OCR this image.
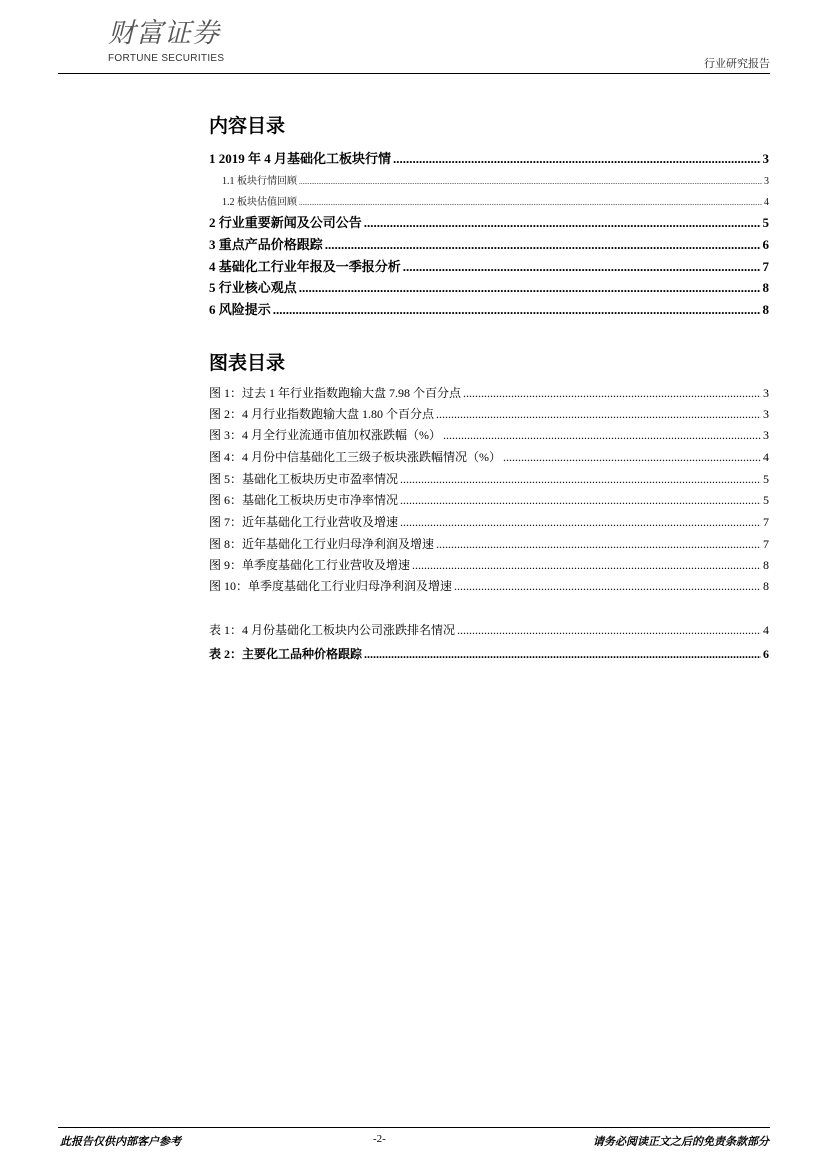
财富证券
FORTUNE SECURITIES	行业研究报告
内容目录
1 2019 年 4 月基础化工板块行情 .....	3
1.1 板块行情回顾 .....	3
1.2 板块估值回顾 .....	4
2 行业重要新闻及公司公告 .....	5
3 重点产品价格跟踪 .....	6
4 基础化工行业年报及一季报分析 .....	7
5 行业核心观点 .....	8
6 风险提示 .....	8
图表目录
图 1：过去 1 年行业指数跑输大盘 7.98 个百分点 .....	3
图 2：4 月行业指数跑输大盘 1.80 个百分点 .....	3
图 3：4 月全行业流通市值加权涨跌幅（%） .....	3
图 4：4 月份中信基础化工三级子板块涨跌幅情况（%） .....	4
图 5：基础化工板块历史市盈率情况 .....	5
图 6：基础化工板块历史市净率情况 .....	5
图 7：近年基础化工行业营收及增速 .....	7
图 8：近年基础化工行业归母净利润及增速 .....	7
图 9：单季度基础化工行业营收及增速 .....	8
图 10：单季度基础化工行业归母净利润及增速 .....	8
表 1：4 月份基础化工板块内公司涨跌排名情况 .....	4
表 2：主要化工品种价格跟踪 .....	6
此报告仅供内部客户参考	-2-	请务必阅读正文之后的免责条款部分
